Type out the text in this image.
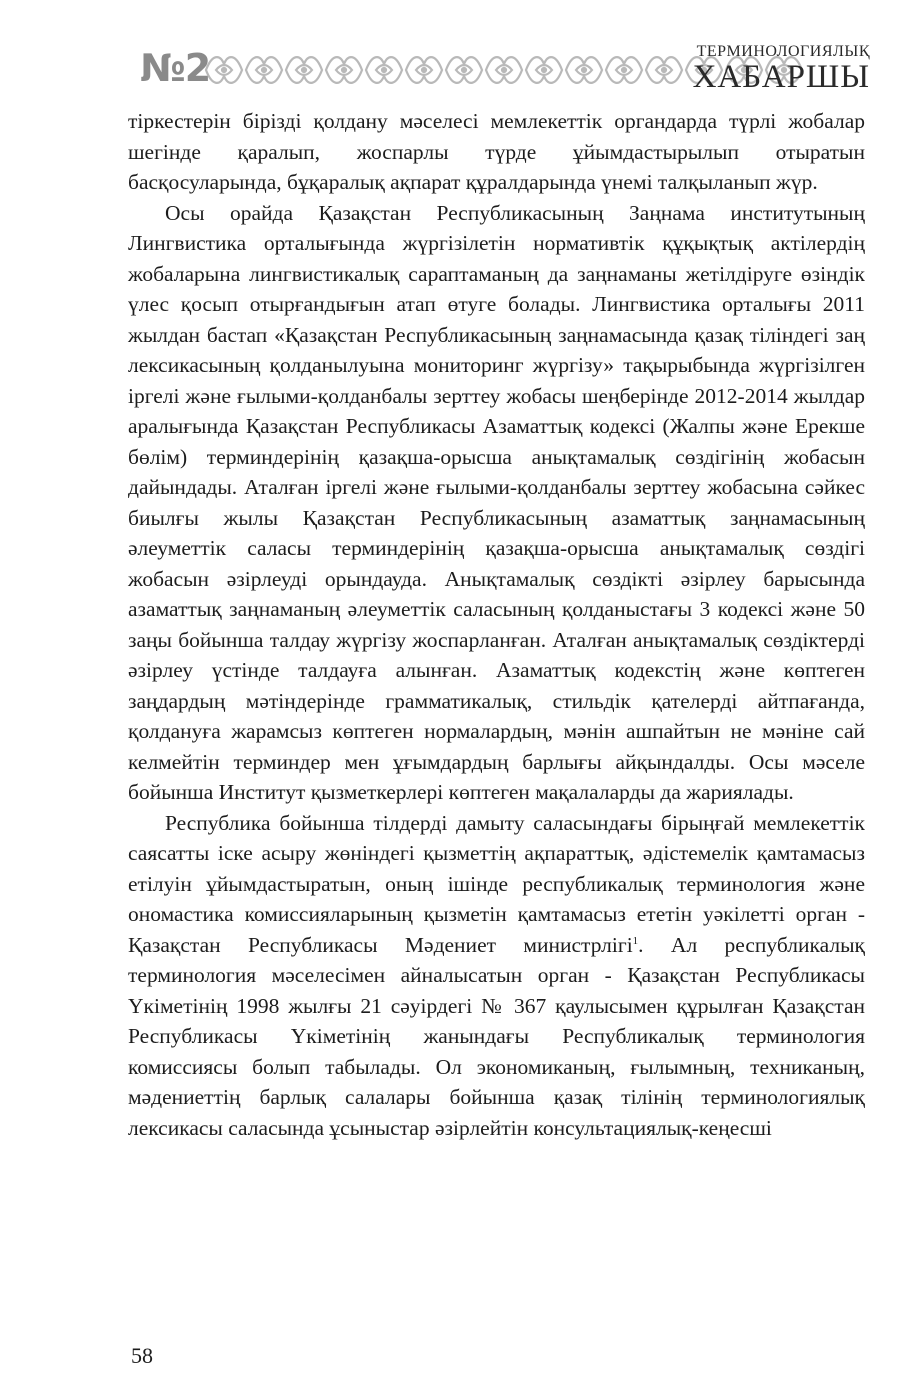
№2	ТЕРМИНОЛОГИЯЛЫҚ
ХАБАРШЫ

тіркестерін бірізді қолдану мәселесі мемлекеттік органдарда түрлі жобалар шегінде қаралып, жоспарлы түрде ұйымдастырылып отыратын басқосуларында, бұқаралық ақпарат құралдарында үнемі талқыланып жүр.

Осы орайда Қазақстан Республикасының Заңнама институтының Лингвистика орталығында жүргізілетін нормативтік құқықтық актілердің жобаларына лингвистикалық сараптаманың да заңнаманы жетілдіруге өзіндік үлес қосып отырғандығын атап өтуге болады. Лингвистика орталығы 2011 жылдан бастап «Қазақстан Республикасының заңнамасында қазақ тіліндегі заң лексикасының қолданылуына мониторинг жүргізу» тақырыбында жүргізілген іргелі және ғылыми-қолданбалы зерттеу жобасы шеңберінде 2012-2014 жылдар аралығында Қазақстан Республикасы Азаматтық кодексі (Жалпы және Ерекше бөлім) терминдерінің қазақша-орысша анықтамалық сөздігінің жобасын дайындады. Аталған іргелі және ғылыми-қолданбалы зерттеу жобасына сәйкес биылғы жылы Қазақстан Республикасының азаматтық заңнамасының әлеуметтік саласы терминдерінің қазақша-орысша анықтамалық сөздігі жобасын әзірлеуді орындауда. Анықтамалық сөздікті әзірлеу барысында азаматтық заңнаманың әлеуметтік саласының қолданыстағы 3 кодексі және 50 заңы бойынша талдау жүргізу жоспарланған. Аталған анықтамалық сөздіктерді әзірлеу үстінде талдауға алынған. Азаматтық кодекстің және көптеген заңдардың мәтіндерінде грамматикалық, стильдік қателерді айтпағанда, қолдануға жарамсыз көптеген нормалардың, мәнін ашпайтын не мәніне сай келмейтін терминдер мен ұғымдардың барлығы айқындалды. Осы мәселе бойынша Институт қызметкерлері көптеген мақалаларды да жариялады.

Республика бойынша тілдерді дамыту саласындағы бірыңғай мемлекеттік саясатты іске асыру жөніндегі қызметтің ақпараттық, әдістемелік қамтамасыз етілуін ұйымдастыратын, оның ішінде республикалық терминология және ономастика комиссияларының қызметін қамтамасыз ететін уәкілетті орган - Қазақстан Республикасы Мәдениет министрлігі$^1$. Ал республикалық терминология мәселесімен айналысатын орган - Қазақстан Республикасы Үкіметінің 1998 жылғы 21 сәуірдегі № 367 қаулысымен құрылған Қазақстан Республикасы Үкіметінің жанындағы Республикалық терминология комиссиясы болып табылады. Ол экономиканың, ғылымның, техниканың, мәдениеттің барлық салалары бойынша қазақ тілінің терминологиялық лексикасы саласында ұсыныстар әзірлейтін консультациялық-кеңесші

58
